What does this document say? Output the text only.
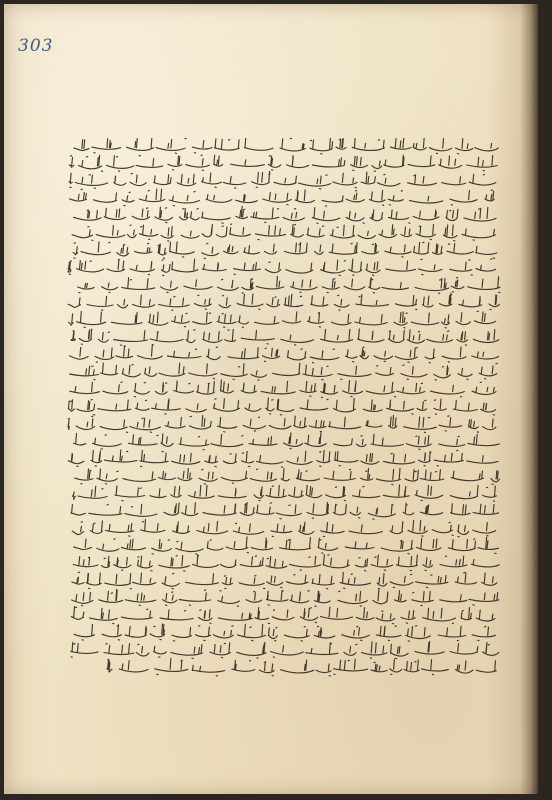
303
